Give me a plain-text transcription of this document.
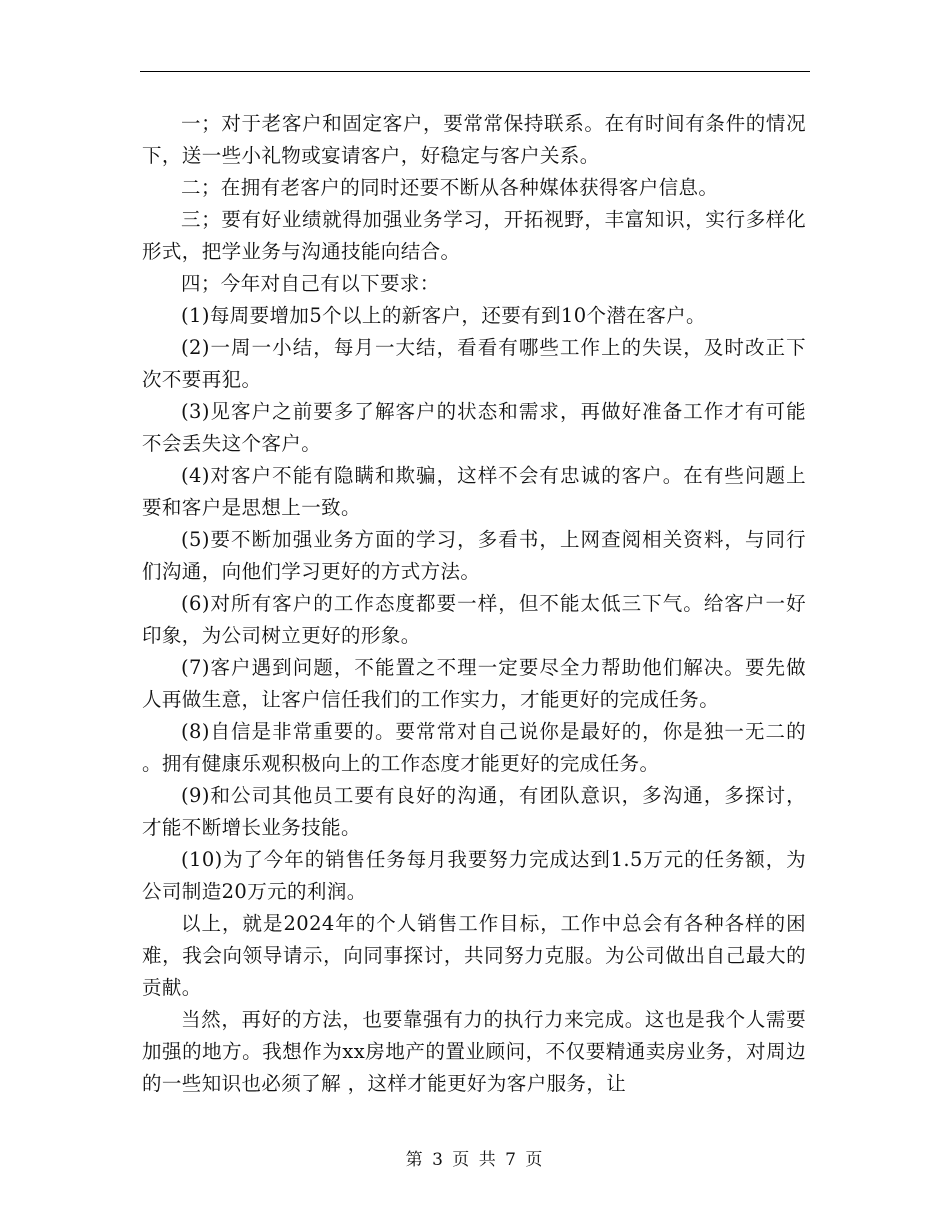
一；对于老客户和固定客户，要常常保持联系。在有时间有条件的情况下，送一些小礼物或宴请客户，好稳定与客户关系。

二；在拥有老客户的同时还要不断从各种媒体获得客户信息。

三；要有好业绩就得加强业务学习，开拓视野，丰富知识，实行多样化形式，把学业务与沟通技能向结合。

四；今年对自己有以下要求：

(1)每周要增加5个以上的新客户，还要有到10个潜在客户。

(2)一周一小结，每月一大结，看看有哪些工作上的失误，及时改正下次不要再犯。

(3)见客户之前要多了解客户的状态和需求，再做好准备工作才有可能不会丢失这个客户。

(4)对客户不能有隐瞒和欺骗，这样不会有忠诚的客户。在有些问题上要和客户是思想上一致。

(5)要不断加强业务方面的学习，多看书，上网查阅相关资料，与同行们沟通，向他们学习更好的方式方法。

(6)对所有客户的工作态度都要一样，但不能太低三下气。给客户一好印象，为公司树立更好的形象。

(7)客户遇到问题，不能置之不理一定要尽全力帮助他们解决。要先做人再做生意，让客户信任我们的工作实力，才能更好的完成任务。

(8)自信是非常重要的。要常常对自己说你是最好的，你是独一无二的。拥有健康乐观积极向上的工作态度才能更好的完成任务。

(9)和公司其他员工要有良好的沟通，有团队意识，多沟通，多探讨，才能不断增长业务技能。

(10)为了今年的销售任务每月我要努力完成达到1.5万元的任务额，为公司制造20万元的利润。

以上，就是2024年的个人销售工作目标，工作中总会有各种各样的困难，我会向领导请示，向同事探讨，共同努力克服。为公司做出自己最大的贡献。

当然，再好的方法，也要靠强有力的执行力来完成。这也是我个人需要加强的地方。我想作为xx房地产的置业顾问，不仅要精通卖房业务，对周边的一些知识也必须了解 ，这样才能更好为客户服务，让

第 3 页 共 7 页
